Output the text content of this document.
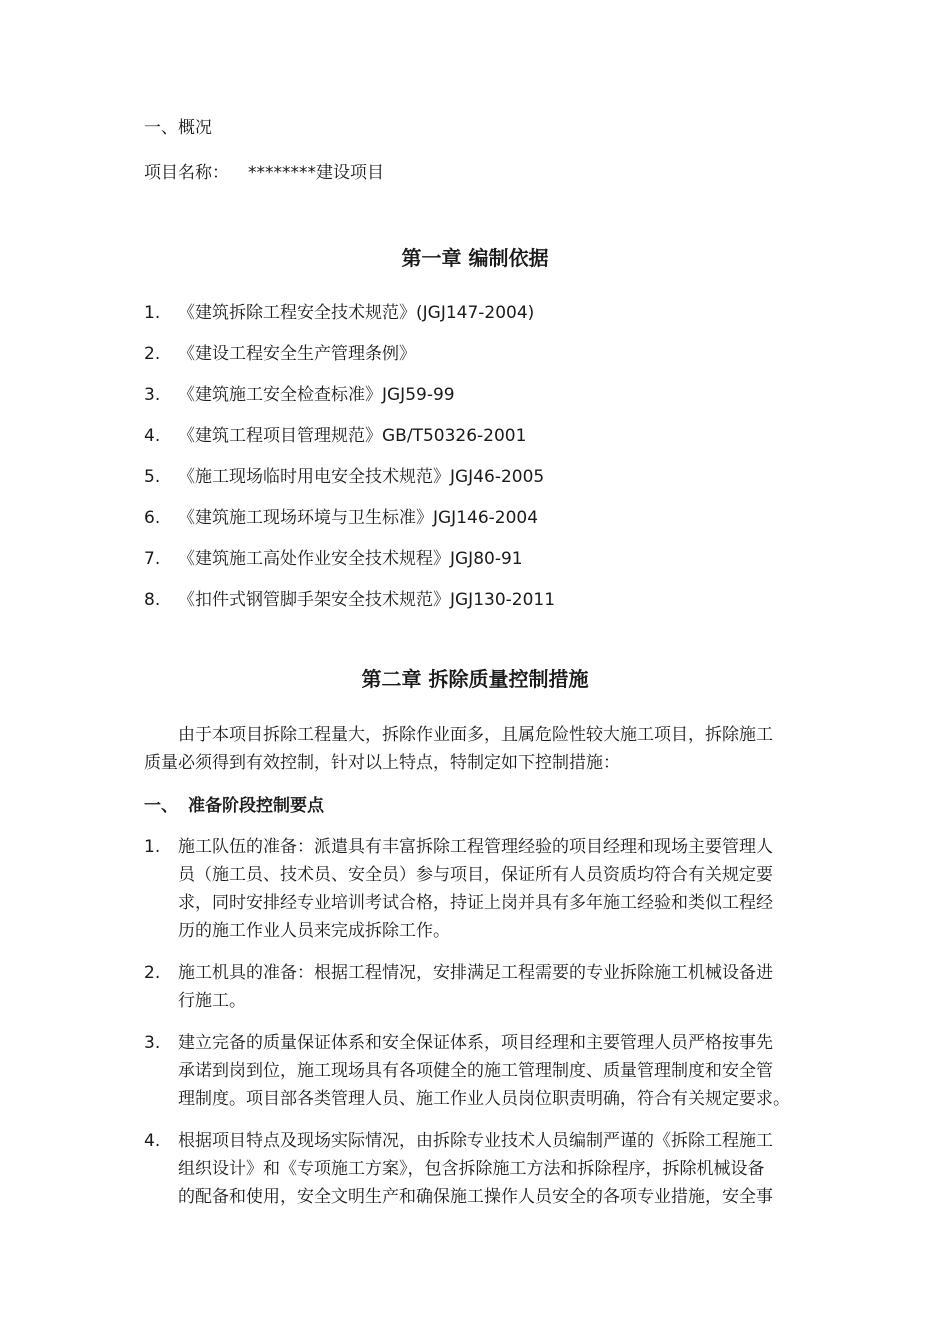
一、概况
项目名称： ********建设项目
第一章 编制依据
1. 《建筑拆除工程安全技术规范》(JGJ147-2004)
2. 《建设工程安全生产管理条例》
3. 《建筑施工安全检查标准》JGJ59-99
4. 《建筑工程项目管理规范》GB/T50326-2001
5. 《施工现场临时用电安全技术规范》JGJ46-2005
6. 《建筑施工现场环境与卫生标准》JGJ146-2004
7. 《建筑施工高处作业安全技术规程》JGJ80-91
8. 《扣件式钢管脚手架安全技术规范》JGJ130-2011
第二章 拆除质量控制措施
由于本项目拆除工程量大，拆除作业面多，且属危险性较大施工项目，拆除施工
质量必须得到有效控制，针对以上特点，特制定如下控制措施：
一、 准备阶段控制要点
1. 施工队伍的准备：派遣具有丰富拆除工程管理经验的项目经理和现场主要管理人
员（施工员、技术员、安全员）参与项目，保证所有人员资质均符合有关规定要
求，同时安排经专业培训考试合格，持证上岗并具有多年施工经验和类似工程经
历的施工作业人员来完成拆除工作。
2. 施工机具的准备：根据工程情况，安排满足工程需要的专业拆除施工机械设备进
行施工。
3. 建立完备的质量保证体系和安全保证体系，项目经理和主要管理人员严格按事先
承诺到岗到位，施工现场具有各项健全的施工管理制度、质量管理制度和安全管
理制度。项目部各类管理人员、施工作业人员岗位职责明确，符合有关规定要求。
4. 根据项目特点及现场实际情况，由拆除专业技术人员编制严谨的《拆除工程施工
组织设计》和《专项施工方案》，包含拆除施工方法和拆除程序，拆除机械设备
的配备和使用，安全文明生产和确保施工操作人员安全的各项专业措施，安全事
